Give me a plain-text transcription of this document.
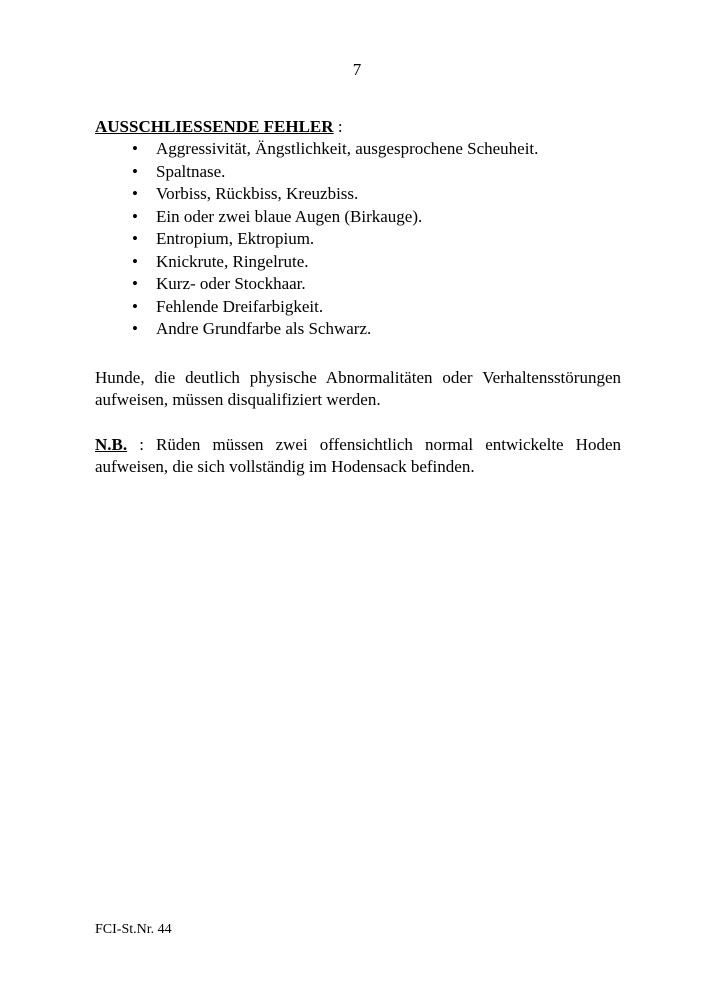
7

AUSSCHLIESSENDE FEHLER :

• Aggressivität, Ängstlichkeit, ausgesprochene Scheuheit.
• Spaltnase.
• Vorbiss, Rückbiss, Kreuzbiss.
• Ein oder zwei blaue Augen (Birkauge).
• Entropium, Ektropium.
• Knickrute, Ringelrute.
• Kurz- oder Stockhaar.
• Fehlende Dreifarbigkeit.
• Andre Grundfarbe als Schwarz.

Hunde, die deutlich physische Abnormalitäten oder Verhaltensstörungen aufweisen, müssen disqualifiziert werden.

N.B. : Rüden müssen zwei offensichtlich normal entwickelte Hoden aufweisen, die sich vollständig im Hodensack befinden.

FCI-St.Nr. 44
